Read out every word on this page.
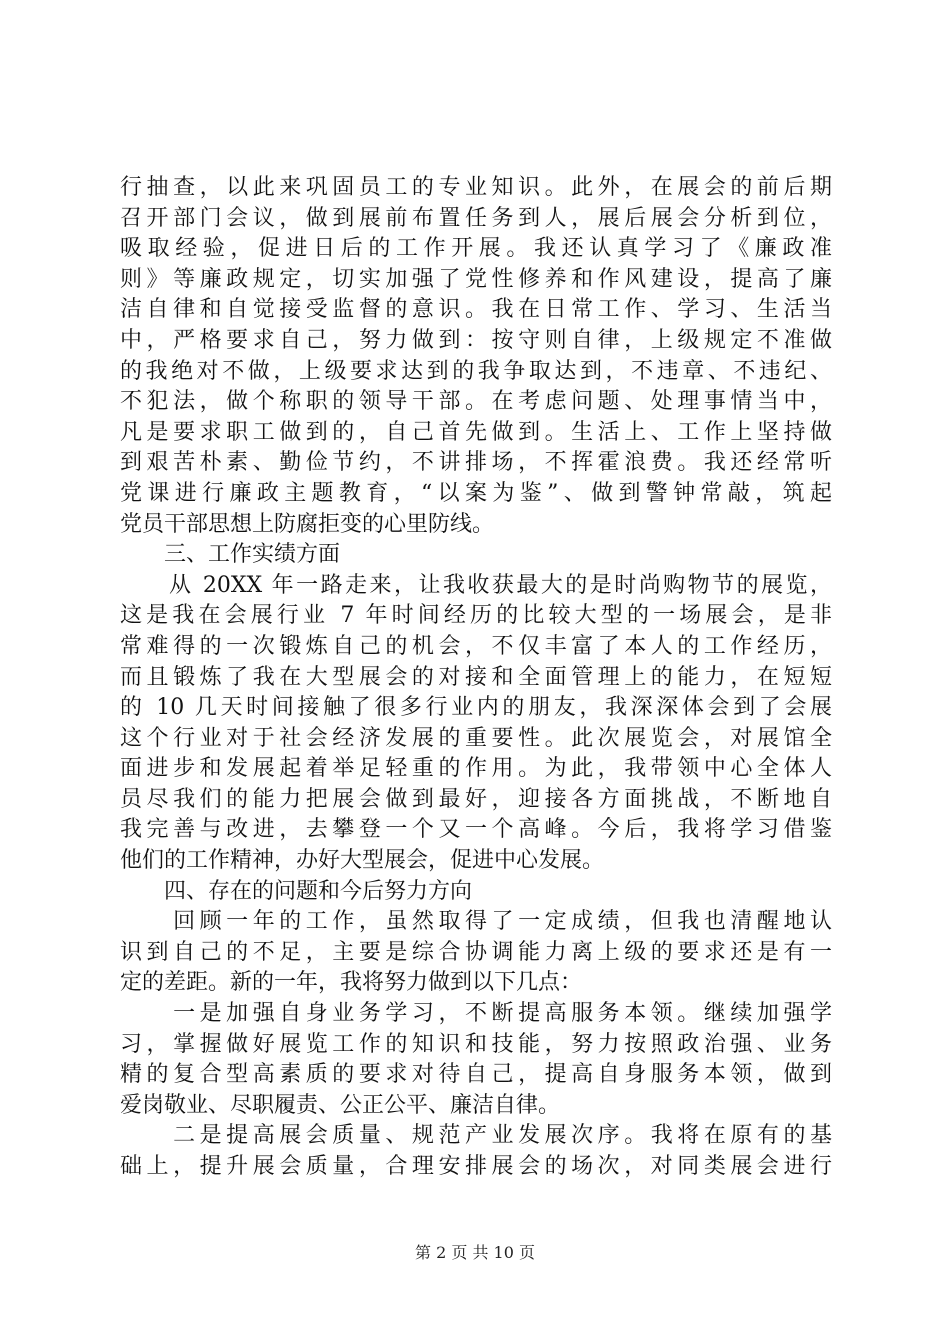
行抽查，以此来巩固员工的专业知识。此外，在展会的前后期
召开部门会议，做到展前布置任务到人，展后展会分析到位，
吸取经验，促进日后的工作开展。我还认真学习了《廉政准
则》等廉政规定，切实加强了党性修养和作风建设，提高了廉
洁自律和自觉接受监督的意识。我在日常工作、学习、生活当
中，严格要求自己，努力做到：按守则自律，上级规定不准做
的我绝对不做，上级要求达到的我争取达到，不违章、不违纪、
不犯法，做个称职的领导干部。在考虑问题、处理事情当中，
凡是要求职工做到的，自己首先做到。生活上、工作上坚持做
到艰苦朴素、勤俭节约，不讲排场，不挥霍浪费。我还经常听
党课进行廉政主题教育，“以案为鉴”、做到警钟常敲，筑起
党员干部思想上防腐拒变的心里防线。
　　三、工作实绩方面
　　从 20XX 年一路走来，让我收获最大的是时尚购物节的展览，
这是我在会展行业 7 年时间经历的比较大型的一场展会，是非
常难得的一次锻炼自己的机会，不仅丰富了本人的工作经历，
而且锻炼了我在大型展会的对接和全面管理上的能力，在短短
的 10 几天时间接触了很多行业内的朋友，我深深体会到了会展
这个行业对于社会经济发展的重要性。此次展览会，对展馆全
面进步和发展起着举足轻重的作用。为此，我带领中心全体人
员尽我们的能力把展会做到最好，迎接各方面挑战，不断地自
我完善与改进，去攀登一个又一个高峰。今后，我将学习借鉴
他们的工作精神，办好大型展会，促进中心发展。
　　四、存在的问题和今后努力方向
　　回顾一年的工作，虽然取得了一定成绩，但我也清醒地认
识到自己的不足，主要是综合协调能力离上级的要求还是有一
定的差距。新的一年，我将努力做到以下几点：
　　一是加强自身业务学习，不断提高服务本领。继续加强学
习，掌握做好展览工作的知识和技能，努力按照政治强、业务
精的复合型高素质的要求对待自己，提高自身服务本领，做到
爱岗敬业、尽职履责、公正公平、廉洁自律。
　　二是提高展会质量、规范产业发展次序。我将在原有的基
础上，提升展会质量，合理安排展会的场次，对同类展会进行
第 2 页 共 10 页
